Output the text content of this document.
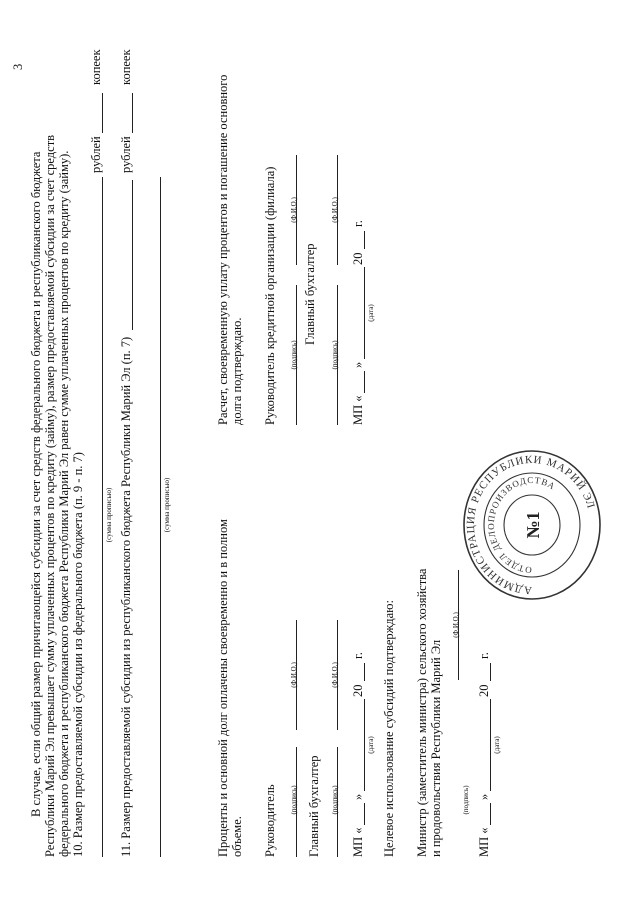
3
В случае, если общий размер причитающейся субсидии за счет средств федерального бюджета и республиканского бюджета Республики Марий Эл превышает сумму уплаченных процентов по кредиту (займу), размер предоставляемой субсидии за счет средств федерального бюджета и республиканского бюджета Республики Марий Эл равен сумме уплаченных процентов по кредиту (займу). 10. Размер предоставляемой субсидии из федерального бюджета (п. 9 - п. 7)
рублей
копеек
(сумма прописью) 11. Размер предоставляемой субсидии из республиканского бюджета Республики Марий Эл (п. 7)
рублей
копеек
(сумма прописью)
Проценты и основной долг оплачены своевременно и в полном объеме. Руководитель (подпись)
(Ф.И.О.)
Главный бухгалтер (подпись)
(Ф.И.О.)
МП «
»
20
г.
(дата) Целевое использование субсидий подтверждаю: Министр (заместитель министра) сельского хозяйства и продовольствия Республики Марий Эл
(Ф.И.О.)
(подпись)
МП «
»
20
г.
(дата)
Расчет, своевременную уплату процентов и погашение основного долга подтверждаю. Руководитель кредитной организации (филиала) (подпись)
(Ф.И.О.)
Главный бухгалтер
(подпись)
(Ф.И.О.)
МП «
»
20
г.
(дата)
АДМИНИСТРАЦИЯ РЕСПУБЛИКИ МАРИЙ ЭЛ
ОТДЕЛ ДЕЛОПРОИЗВОДСТВА
№1
